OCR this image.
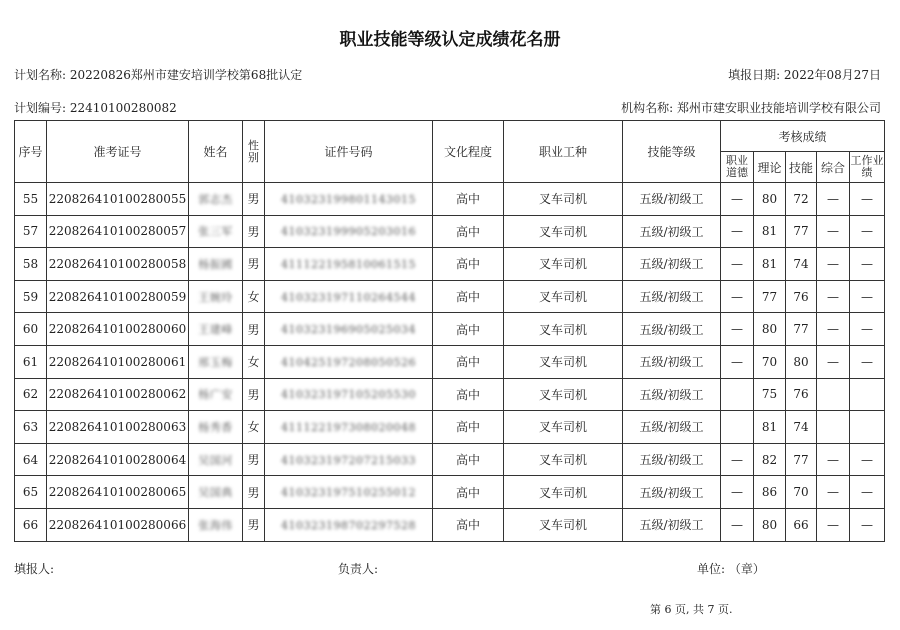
职业技能等级认定成绩花名册
计划名称: 20220826郑州市建安培训学校第68批认定	填报日期: 2022年08月27日
计划编号: 22410100280082	机构名称: 郑州市建安职业技能培训学校有限公司
序号	准考证号	姓名	性别	证件号码	文化程度	职业工种	技能等级	考核成绩				
								职业道德	理论	技能	综合	工作业绩
55	220826410100280055	郭志杰	男	410323199801143015	高中	叉车司机	五级/初级工	—	80	72	—	—
57	220826410100280057	张三军	男	410323199905203016	高中	叉车司机	五级/初级工	—	81	77	—	—
58	220826410100280058	杨振國	男	411122195810061515	高中	叉车司机	五级/初级工	—	81	74	—	—
59	220826410100280059	王婉玲	女	410323197110264544	高中	叉车司机	五级/初级工	—	77	76	—	—
60	220826410100280060	王建峰	男	410323196905025034	高中	叉车司机	五级/初级工	—	80	77	—	—
61	220826410100280061	邢玉梅	女	410425197208050526	高中	叉车司机	五级/初级工	—	70	80	—	—
62	220826410100280062	杨广安	男	410323197105205530	高中	叉车司机	五级/初级工		75	76		
63	220826410100280063	杨秀香	女	411122197308020048	高中	叉车司机	五级/初级工		81	74		
64	220826410100280064	吴国河	男	410323197207215033	高中	叉车司机	五级/初级工	—	82	77	—	—
65	220826410100280065	吴国典	男	410323197510255012	高中	叉车司机	五级/初级工	—	86	70	—	—
66	220826410100280066	张海伟	男	410323198702297528	高中	叉车司机	五级/初级工	—	80	66	—	—
填报人:	负责人:	单位: （章）
第 6 页, 共 7 页.
